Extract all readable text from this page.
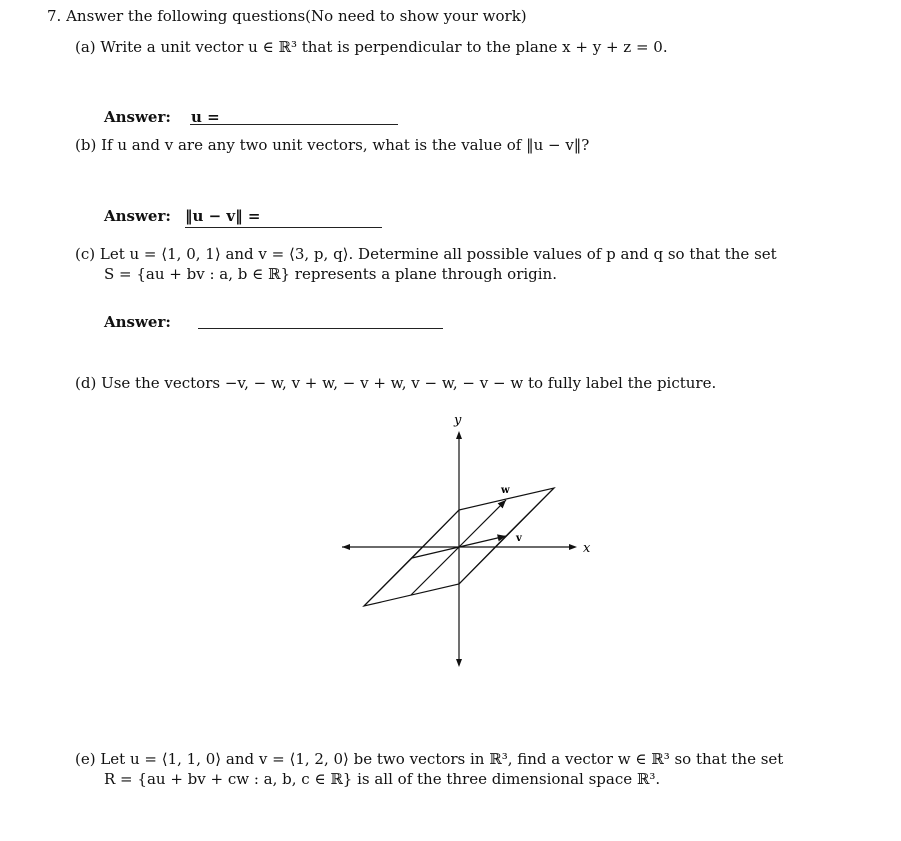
7. Answer the following questions(No need to show your work)
(a) Write a unit vector u ∈ ℝ³ that is perpendicular to the plane x + y + z = 0.
Answer: u =
(b) If u and v are any two unit vectors, what is the value of ‖u − v‖?
Answer: ‖u − v‖ =
(c) Let u = ⟨1, 0, 1⟩ and v = ⟨3, p, q⟩. Determine all possible values of p and q so that the set
S = {au + bv : a, b ∈ ℝ} represents a plane through origin.
Answer:
(d) Use the vectors −v, − w, v + w, − v + w, v − w, − v − w to fully label the picture.
y
x
w
v
(e) Let u = ⟨1, 1, 0⟩ and v = ⟨1, 2, 0⟩ be two vectors in ℝ³, find a vector w ∈ ℝ³ so that the set
R = {au + bv + cw : a, b, c ∈ ℝ} is all of the three dimensional space ℝ³.
